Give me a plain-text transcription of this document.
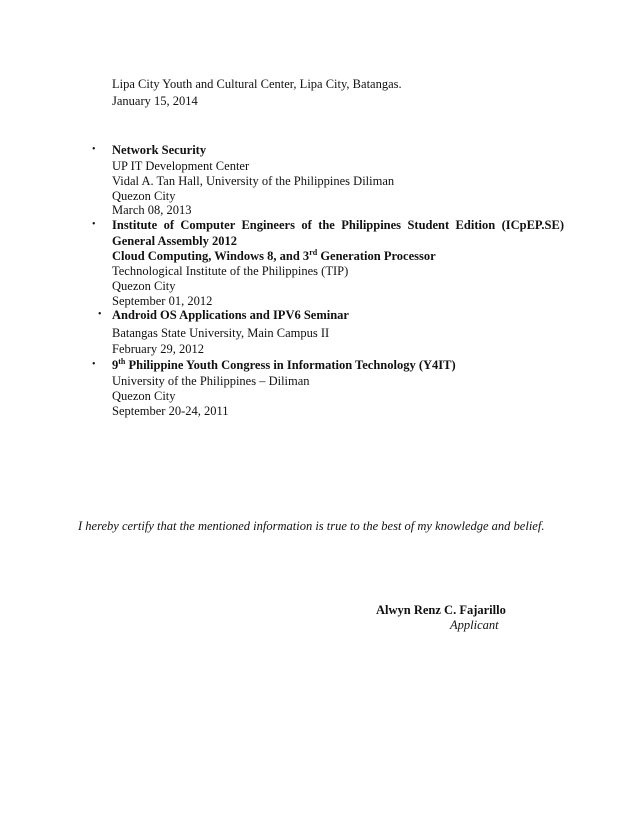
Lipa City Youth and Cultural Center, Lipa City, Batangas.
January 15, 2014
• Network Security
UP IT Development Center
Vidal A. Tan Hall, University of the Philippines Diliman
Quezon City
March 08, 2013
• Institute of Computer Engineers of the Philippines Student Edition (ICpEP.SE)
General Assembly 2012
Cloud Computing, Windows 8, and 3rd Generation Processor
Technological Institute of the Philippines (TIP)
Quezon City
September 01, 2012
• Android OS Applications and IPV6 Seminar
Batangas State University, Main Campus II
February 29, 2012
• 9th Philippine Youth Congress in Information Technology (Y4IT)
University of the Philippines – Diliman
Quezon City
September 20-24, 2011
I hereby certify that the mentioned information is true to the best of my knowledge and belief.
Alwyn Renz C. Fajarillo
Applicant
